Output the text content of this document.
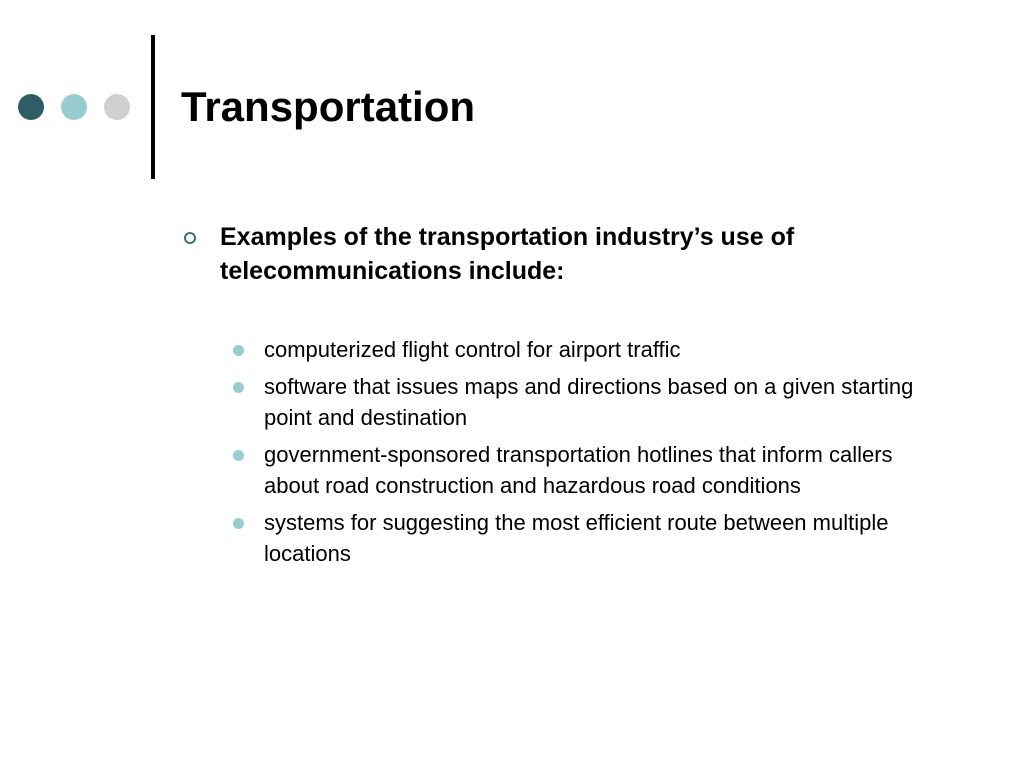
Transportation

Examples of the transportation industry’s use of telecommunications include:

computerized flight control for airport traffic
software that issues maps and directions based on a given starting point and destination
government-sponsored transportation hotlines that inform callers about road construction and hazardous road conditions
systems for suggesting the most efficient route between multiple locations
